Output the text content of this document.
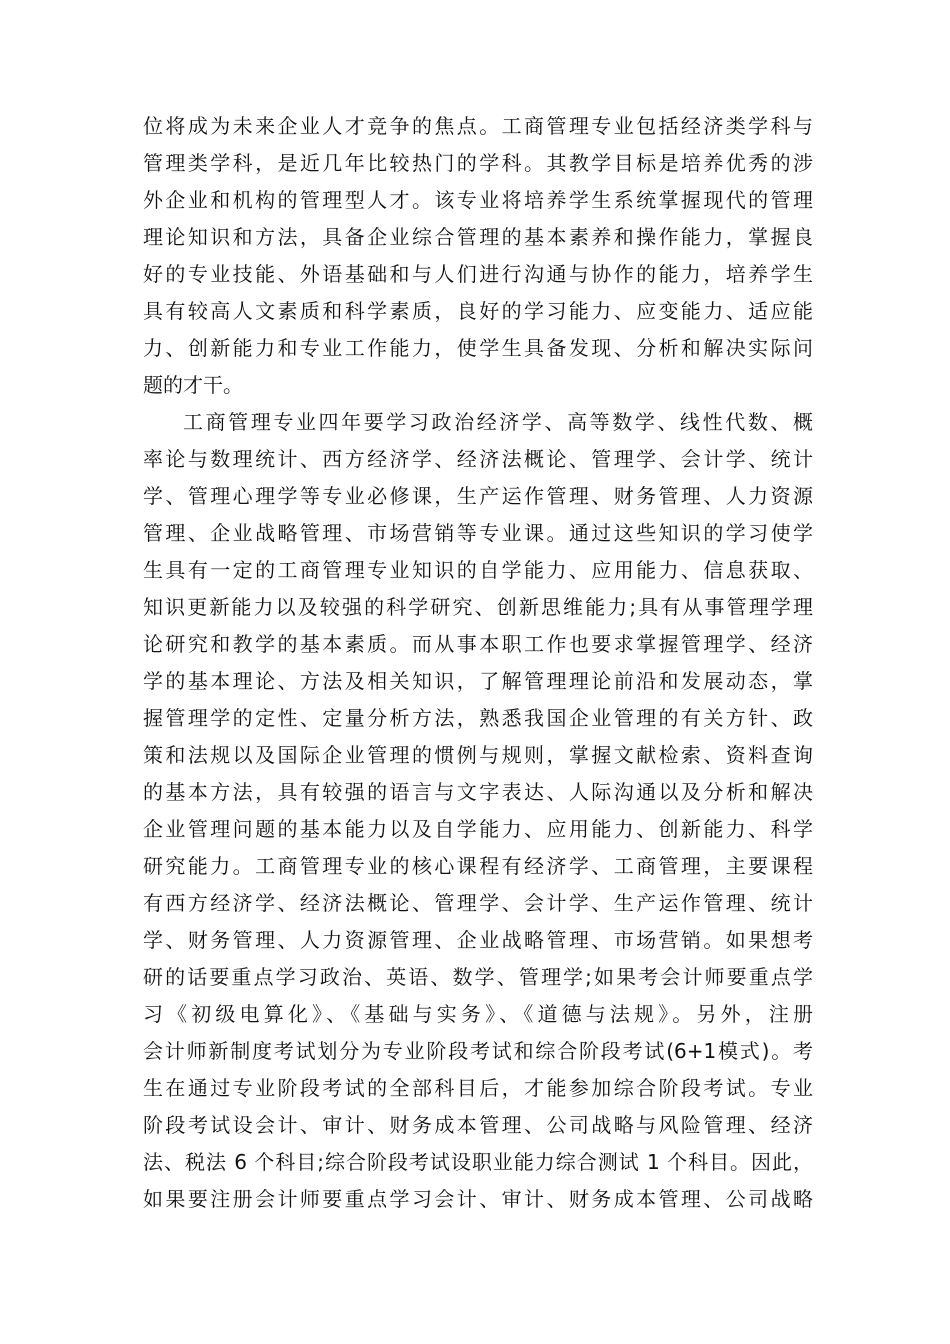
位将成为未来企业人才竞争的焦点。工商管理专业包括经济类学科与
管理类学科，是近几年比较热门的学科。其教学目标是培养优秀的涉
外企业和机构的管理型人才。该专业将培养学生系统掌握现代的管理
理论知识和方法，具备企业综合管理的基本素养和操作能力，掌握良
好的专业技能、外语基础和与人们进行沟通与协作的能力，培养学生
具有较高人文素质和科学素质，良好的学习能力、应变能力、适应能
力、创新能力和专业工作能力，使学生具备发现、分析和解决实际问
题的才干。
工商管理专业四年要学习政治经济学、高等数学、线性代数、概
率论与数理统计、西方经济学、经济法概论、管理学、会计学、统计
学、管理心理学等专业必修课，生产运作管理、财务管理、人力资源
管理、企业战略管理、市场营销等专业课。通过这些知识的学习使学
生具有一定的工商管理专业知识的自学能力、应用能力、信息获取、
知识更新能力以及较强的科学研究、创新思维能力;具有从事管理学理
论研究和教学的基本素质。而从事本职工作也要求掌握管理学、经济
学的基本理论、方法及相关知识，了解管理理论前沿和发展动态，掌
握管理学的定性、定量分析方法，熟悉我国企业管理的有关方针、政
策和法规以及国际企业管理的惯例与规则，掌握文献检索、资料查询
的基本方法，具有较强的语言与文字表达、人际沟通以及分析和解决
企业管理问题的基本能力以及自学能力、应用能力、创新能力、科学
研究能力。工商管理专业的核心课程有经济学、工商管理，主要课程
有西方经济学、经济法概论、管理学、会计学、生产运作管理、统计
学、财务管理、人力资源管理、企业战略管理、市场营销。如果想考
研的话要重点学习政治、英语、数学、管理学;如果考会计师要重点学
习《初级电算化》、《基础与实务》、《道德与法规》。另外，注册
会计师新制度考试划分为专业阶段考试和综合阶段考试(6+1模式)。考
生在通过专业阶段考试的全部科目后，才能参加综合阶段考试。专业
阶段考试设会计、审计、财务成本管理、公司战略与风险管理、经济
法、税法 6 个科目;综合阶段考试设职业能力综合测试 1 个科目。因此，
如果要注册会计师要重点学习会计、审计、财务成本管理、公司战略
